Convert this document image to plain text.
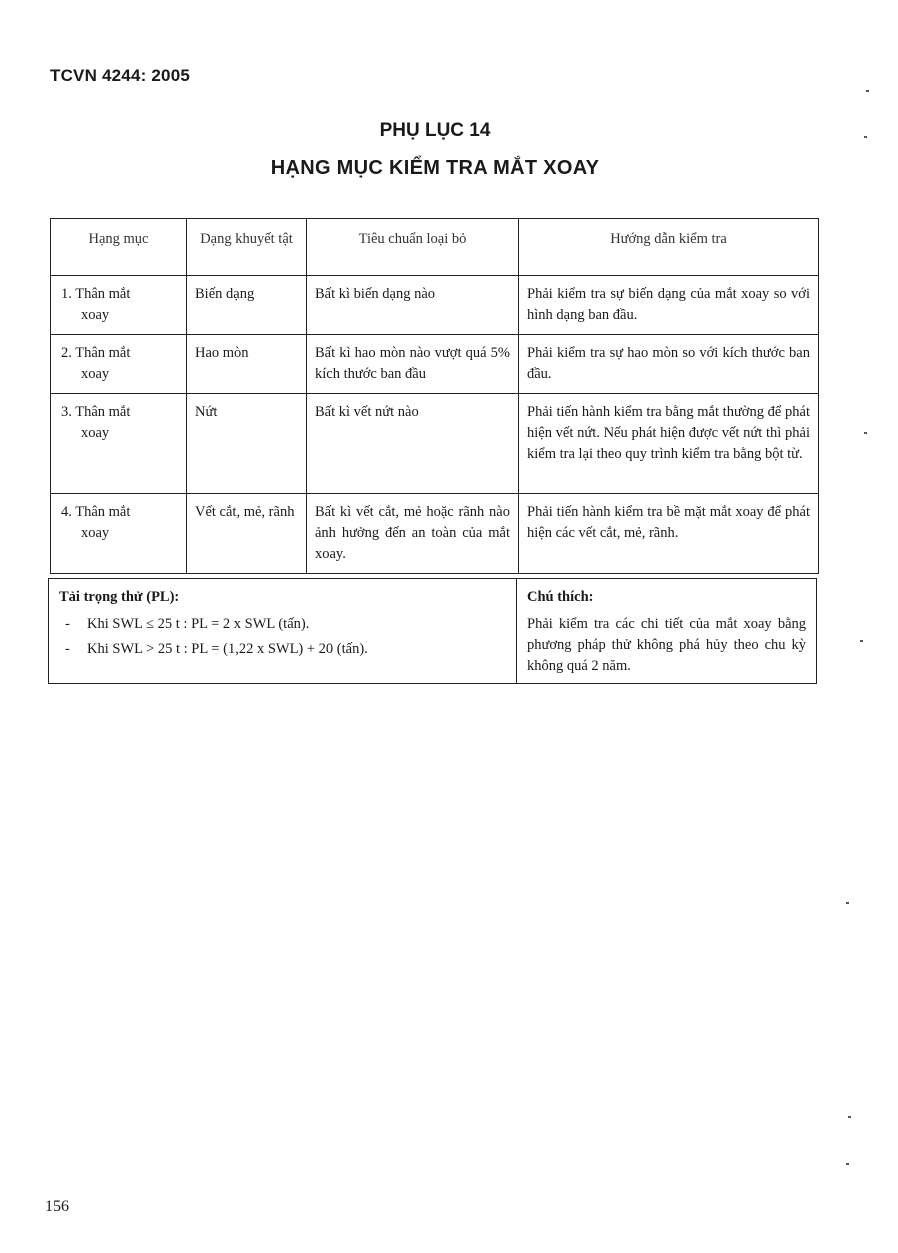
TCVN 4244: 2005
PHỤ LỤC 14
HẠNG MỤC KIỂM TRA MẮT XOAY
Hạng mục	Dạng khuyết tật	Tiêu chuẩn loại bỏ	Hướng dẫn kiểm tra

1. Thân mắt
xoay	Biến dạng	Bất kì biến dạng nào	Phải kiểm tra sự biến dạng của mắt xoay so với hình dạng ban đầu.

2. Thân mắt
xoay	Hao mòn	Bất kì hao mòn nào vượt quá 5% kích thước ban đầu	Phải kiểm tra sự hao mòn so với kích thước ban đầu.

3. Thân mắt
xoay	Nứt	Bất kì vết nứt nào	Phải tiến hành kiểm tra bằng mắt thường để phát hiện vết nứt. Nếu phát hiện được vết nứt thì phải kiểm tra lại theo quy trình kiểm tra bằng bột từ.

4. Thân mắt
xoay	Vết cắt, mẻ, rãnh	Bất kì vết cắt, mẻ hoặc rãnh nào ảnh hưởng đến an toàn của mắt xoay.	Phải tiến hành kiểm tra bề mặt mắt xoay để phát hiện các vết cắt, mẻ, rãnh.
Tải trọng thử (PL):
- Khi SWL ≤ 25 t : PL = 2 x SWL (tấn).
- Khi SWL > 25 t : PL = (1,22 x SWL) + 20 (tấn).

Chú thích:
Phải kiểm tra các chi tiết của mắt xoay bằng phương pháp thử không phá hủy theo chu kỳ không quá 2 năm.
156
